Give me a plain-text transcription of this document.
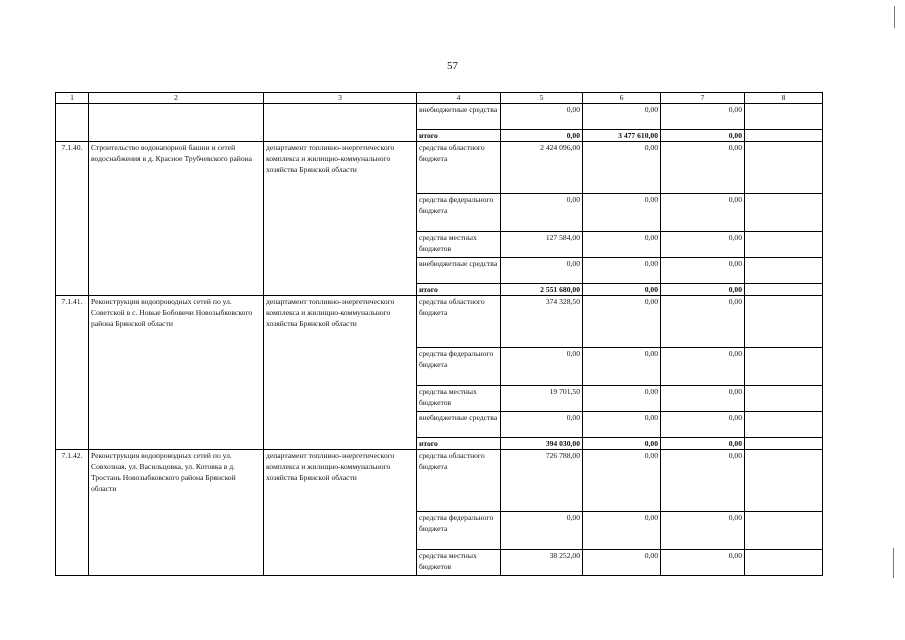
57
1	2	3	4	5	6	7	8
			внебюджетные средства	0,00	0,00	0,00	
			итого	0,00	3 477 610,00	0,00	
7.1.40.	Строительство водонапорной башни и сетей водоснабжения в д. Красное Трубчевского района	департамент топливно-энергетического комплекса и жилищно-коммунального хозяйства Брянской области	средства областного бюджета	2 424 096,00	0,00	0,00	
			средства федерального бюджета	0,00	0,00	0,00	
			средства местных бюджетов	127 584,00	0,00	0,00	
			внебюджетные средства	0,00	0,00	0,00	
			итого	2 551 680,00	0,00	0,00	
7.1.41.	Реконструкция водопроводных сетей по ул. Советской в с. Новые Бобовичи Новозыбковского района Брянской области	департамент топливно-энергетического комплекса и жилищно-коммунального хозяйства Брянской области	средства областного бюджета	374 328,50	0,00	0,00	
			средства федерального бюджета	0,00	0,00	0,00	
			средства местных бюджетов	19 701,50	0,00	0,00	
			внебюджетные средства	0,00	0,00	0,00	
			итого	394 030,00	0,00	0,00	
7.1.42.	Реконструкция водопроводных сетей по ул. Совхозная, ул. Васильцовка, ул. Котовка в д. Тростань Новозыбковского района Брянской области	департамент топливно-энергетического комплекса и жилищно-коммунального хозяйства Брянской области	средства областного бюджета	726 788,00	0,00	0,00	
			средства федерального бюджета	0,00	0,00	0,00	
			средства местных бюджетов	38 252,00	0,00	0,00	
